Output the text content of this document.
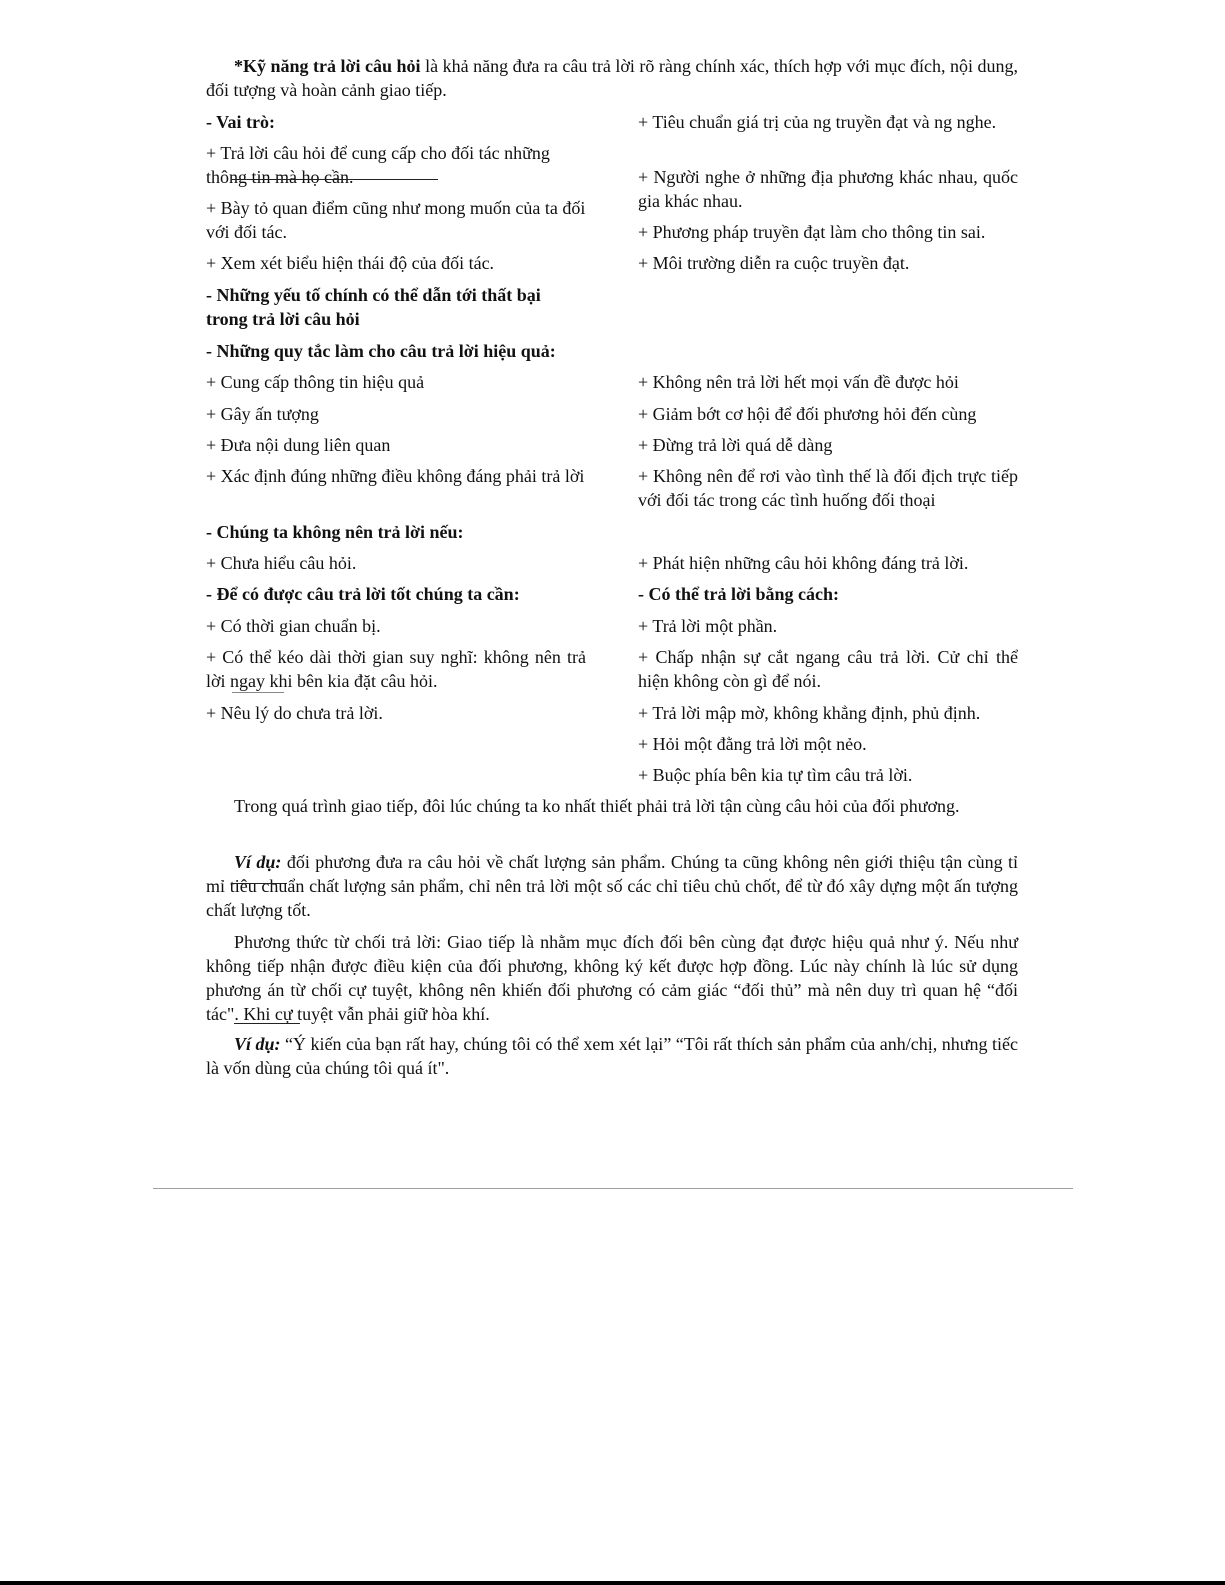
*Kỹ năng trả lời câu hỏi là khả năng đưa ra câu trả lời rõ ràng chính xác, thích hợp với mục đích, nội dung, đối tượng và hoàn cảnh giao tiếp.

- Vai trò:
+ Trả lời câu hỏi để cung cấp cho đối tác những thông tin mà họ cần.
+ Bày tỏ quan điểm cũng như mong muốn của ta đối với đối tác.
+ Xem xét biểu hiện thái độ của đối tác.
- Những yếu tố chính có thể dẫn tới thất bại trong trả lời câu hỏi
- Những quy tắc làm cho câu trả lời hiệu quả:
+ Cung cấp thông tin hiệu quả
+ Gây ấn tượng
+ Đưa nội dung liên quan
+ Xác định đúng những điều không đáng phải trả lời
- Chúng ta không nên trả lời nếu:
+ Chưa hiểu câu hỏi.
- Để có được câu trả lời tốt chúng ta cần:
+ Có thời gian chuẩn bị.
+ Có thể kéo dài thời gian suy nghĩ: không nên trả lời ngay khi bên kia đặt câu hỏi.
+ Nêu lý do chưa trả lời.
+ Tiêu chuẩn giá trị của ng truyền đạt và ng nghe.
+ Người nghe ở những địa phương khác nhau, quốc gia khác nhau.
+ Phương pháp truyền đạt làm cho thông tin sai.
+ Môi trường diễn ra cuộc truyền đạt.
+ Không nên trả lời hết mọi vấn đề được hỏi
+ Giảm bớt cơ hội để đối phương hỏi đến cùng
+ Đừng trả lời quá dễ dàng
+ Không nên để rơi vào tình thế là đối địch trực tiếp với đối tác trong các tình huống đối thoại
+ Phát hiện những câu hỏi không đáng trả lời.
- Có thể trả lời bằng cách:
+ Trả lời một phần.
+ Chấp nhận sự cắt ngang câu trả lời. Cử chỉ thể hiện không còn gì để nói.
+ Trả lời mập mờ, không khẳng định, phủ định.
+ Hỏi một đằng trả lời một nẻo.
+ Buộc phía bên kia tự tìm câu trả lời.

Trong quá trình giao tiếp, đôi lúc chúng ta ko nhất thiết phải trả lời tận cùng câu hỏi của đối phương.

Ví dụ: đối phương đưa ra câu hỏi về chất lượng sản phẩm. Chúng ta cũng không nên giới thiệu tận cùng tỉ mỉ tiêu chuẩn chất lượng sản phẩm, chỉ nên trả lời một số các chỉ tiêu chủ chốt, để từ đó xây dựng một ấn tượng chất lượng tốt.

Phương thức từ chối trả lời: Giao tiếp là nhằm mục đích đối bên cùng đạt được hiệu quả như ý. Nếu như không tiếp nhận được điều kiện của đối phương, không ký kết được hợp đồng. Lúc này chính là lúc sử dụng phương án từ chối cự tuyệt, không nên khiến đối phương có cảm giác “đối thủ” mà nên duy trì quan hệ “đối tác". Khi cự tuyệt vẫn phải giữ hòa khí.

Ví dụ: “Ý kiến của bạn rất hay, chúng tôi có thể xem xét lại” “Tôi rất thích sản phẩm của anh/chị, nhưng tiếc là vốn dùng của chúng tôi quá ít".
